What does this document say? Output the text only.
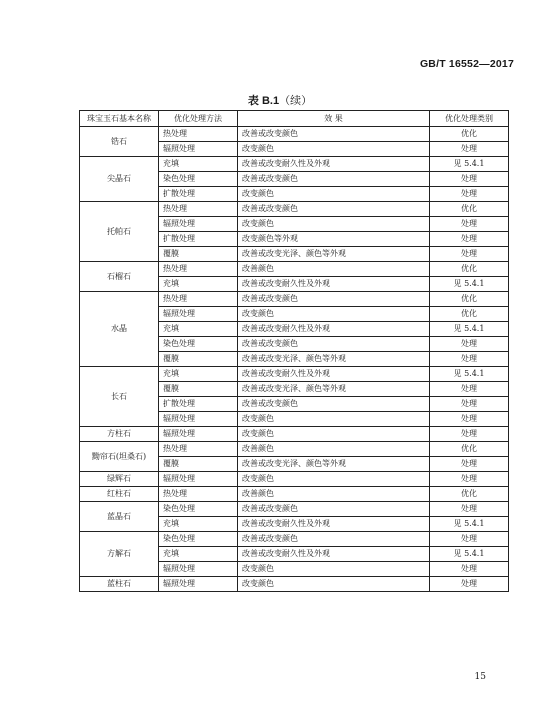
GB/T 16552—2017
表 B.1（续）
珠宝玉石基本名称	优化处理方法	效 果	优化处理类别
锆石	热处理	改善或改变颜色	优化
	辐照处理	改变颜色	处理
尖晶石	充填	改善或改变耐久性及外观	见 5.4.1
	染色处理	改善或改变颜色	处理
	扩散处理	改变颜色	处理
托帕石	热处理	改善或改变颜色	优化
	辐照处理	改变颜色	处理
	扩散处理	改变颜色等外观	处理
	覆膜	改善或改变光泽、颜色等外观	处理
石榴石	热处理	改善颜色	优化
	充填	改善或改变耐久性及外观	见 5.4.1
水晶	热处理	改善或改变颜色	优化
	辐照处理	改变颜色	优化
	充填	改善或改变耐久性及外观	见 5.4.1
	染色处理	改善或改变颜色	处理
	覆膜	改善或改变光泽、颜色等外观	处理
长石	充填	改善或改变耐久性及外观	见 5.4.1
	覆膜	改善或改变光泽、颜色等外观	处理
	扩散处理	改善或改变颜色	处理
	辐照处理	改变颜色	处理
方柱石	辐照处理	改变颜色	处理
黝帘石(坦桑石)	热处理	改善颜色	优化
	覆膜	改善或改变光泽、颜色等外观	处理
绿辉石	辐照处理	改变颜色	处理
红柱石	热处理	改善颜色	优化
蓝晶石	染色处理	改善或改变颜色	处理
	充填	改善或改变耐久性及外观	见 5.4.1
方解石	染色处理	改善或改变颜色	处理
	充填	改善或改变耐久性及外观	见 5.4.1
	辐照处理	改变颜色	处理
蓝柱石	辐照处理	改变颜色	处理
15
